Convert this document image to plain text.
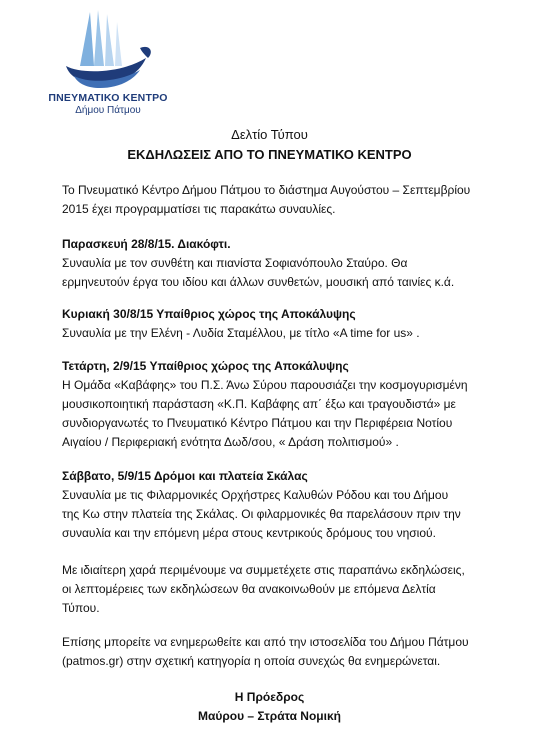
ΠΝΕΥΜΑΤΙΚΟ ΚΕΝΤΡΟ
Δήμου Πάτμου
Δελτίο Τύπου
ΕΚΔΗΛΩΣΕΙΣ ΑΠΟ ΤΟ ΠΝΕΥΜΑΤΙΚΟ ΚΕΝΤΡΟ
Το Πνευματικό Κέντρο Δήμου Πάτμου το διάστημα Αυγούστου – Σεπτεμβρίου
2015 έχει προγραμματίσει τις παρακάτω συναυλίες.
Παρασκευή 28/8/15. Διακόφτι.
Συναυλία με τον συνθέτη και πιανίστα Σοφιανόπουλο Σταύρο. Θα
ερμηνευτούν έργα του ιδίου και άλλων συνθετών, μουσική από ταινίες κ.ά.
Κυριακή 30/8/15 Υπαίθριος χώρος της Αποκάλυψης
Συναυλία με την Ελένη - Λυδία Σταμέλλου, με τίτλο «A time for us» .
Τετάρτη, 2/9/15 Υπαίθριος χώρος της Αποκάλυψης
Η Ομάδα «Καβάφης» του Π.Σ. Άνω Σύρου παρουσιάζει την κοσμογυρισμένη
μουσικοποιητική παράσταση «Κ.Π. Καβάφης απ΄ έξω και τραγουδιστά» με
συνδιοργανωτές το Πνευματικό Κέντρο Πάτμου και την Περιφέρεια Νοτίου
Αιγαίου / Περιφεριακή ενότητα Δωδ/σου, « Δράση πολιτισμού» .
Σάββατο, 5/9/15 Δρόμοι και πλατεία Σκάλας
Συναυλία με τις Φιλαρμονικές Ορχήστρες Καλυθών Ρόδου και του Δήμου
της Κω στην πλατεία της Σκάλας. Οι φιλαρμονικές θα παρελάσουν πριν την
συναυλία και την επόμενη μέρα στους κεντρικούς δρόμους του νησιού.
Με ιδιαίτερη χαρά περιμένουμε να συμμετέχετε στις παραπάνω εκδηλώσεις,
οι λεπτομέρειες των εκδηλώσεων θα ανακοινωθούν με επόμενα Δελτία
Τύπου.
Επίσης μπορείτε να ενημερωθείτε και από την ιστοσελίδα του Δήμου Πάτμου
(patmos.gr) στην σχετική κατηγορία η οποία συνεχώς θα ενημερώνεται.
Η Πρόεδρος
Μαύρου – Στράτα Νομική
